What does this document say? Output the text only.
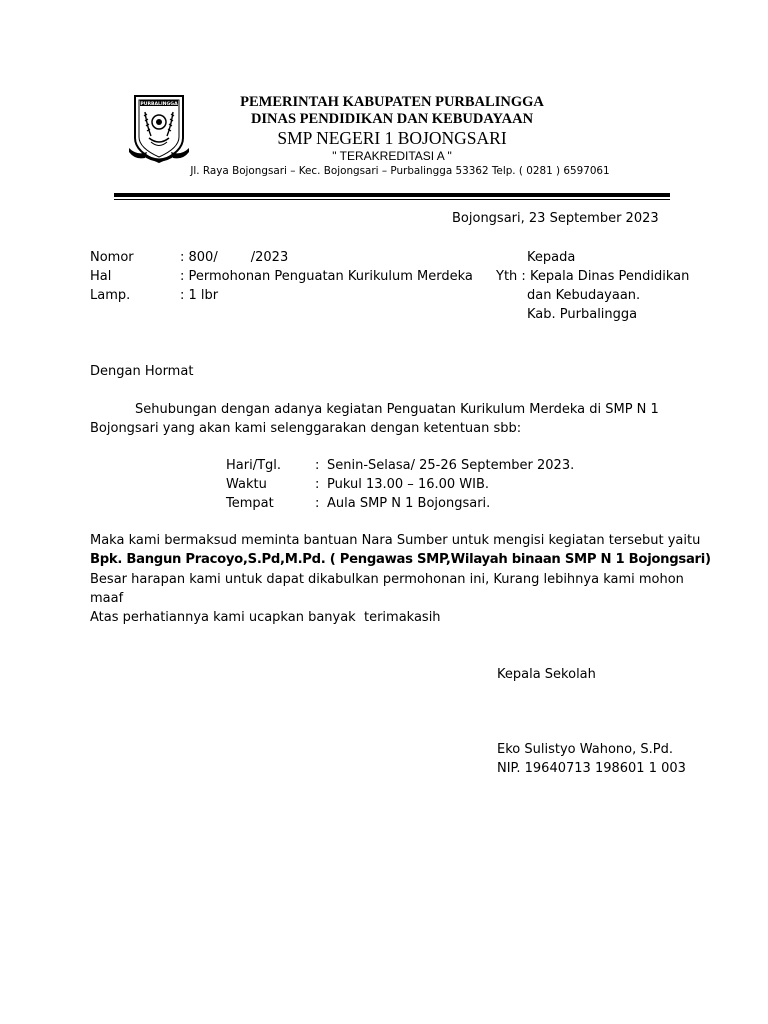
PURBALINGGA	PEMERINTAH KABUPATEN PURBALINGGA
DINAS PENDIDIKAN DAN KEBUDAYAAN
SMP NEGERI 1 BOJONGSARI
" TERAKREDITASI A "
Jl. Raya Bojongsari – Kec. Bojongsari – Purbalingga 53362 Telp. ( 0281 ) 6597061
Bojongsari, 23 September 2023
Nomor	: 800/        /2023
Hal	: Permohonan Penguatan Kurikulum Merdeka
Lamp.	: 1 lbr
Kepada
Yth : Kepala Dinas Pendidikan
dan Kebudayaan.
Kab. Purbalingga
Dengan Hormat
Sehubungan dengan adanya kegiatan Penguatan Kurikulum Merdeka di SMP N 1
Bojongsari yang akan kami selenggarakan dengan ketentuan sbb:
Hari/Tgl.	: Senin-Selasa/ 25-26 September 2023.
Waktu	: Pukul 13.00 – 16.00 WIB.
Tempat	: Aula SMP N 1 Bojongsari.
Maka kami bermaksud meminta bantuan Nara Sumber untuk mengisi kegiatan tersebut yaitu
Bpk. Bangun Pracoyo,S.Pd,M.Pd. ( Pengawas SMP,Wilayah binaan SMP N 1 Bojongsari)
Besar harapan kami untuk dapat dikabulkan permohonan ini, Kurang lebihnya kami mohon
maaf
Atas perhatiannya kami ucapkan banyak  terimakasih
Kepala Sekolah
Eko Sulistyo Wahono, S.Pd.
NIP. 19640713 198601 1 003
